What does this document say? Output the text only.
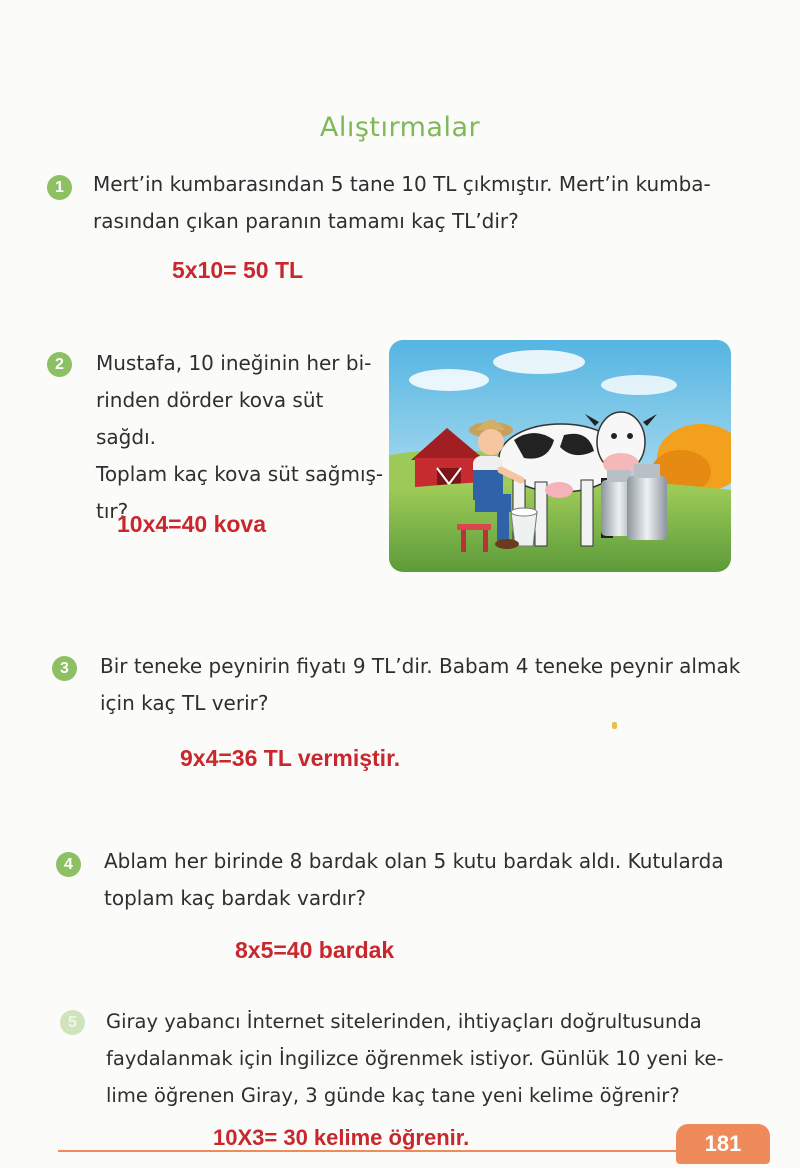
Alıştırmalar
1	Mert’in kumbarasından 5 tane 10 TL çıkmıştır. Mert’in kumba-
rasından çıkan paranın tamamı kaç TL’dir?
5x10= 50 TL
2	Mustafa, 10 ineğinin her bi-
rinden dörder kova süt sağdı.
Toplam kaç kova süt sağmış-
tır?
10x4=40 kova
3	Bir teneke peynirin fiyatı 9 TL’dir. Babam 4 teneke peynir almak
için kaç TL verir?
9x4=36 TL vermiştir.
4	Ablam her birinde 8 bardak olan 5 kutu bardak aldı. Kutularda
toplam kaç bardak vardır?
8x5=40 bardak
5	Giray yabancı İnternet sitelerinden, ihtiyaçları doğrultusunda
faydalanmak için İngilizce öğrenmek istiyor. Günlük 10 yeni ke-
lime öğrenen Giray, 3 günde kaç tane yeni kelime öğrenir?
10X3= 30 kelime öğrenir.	181
